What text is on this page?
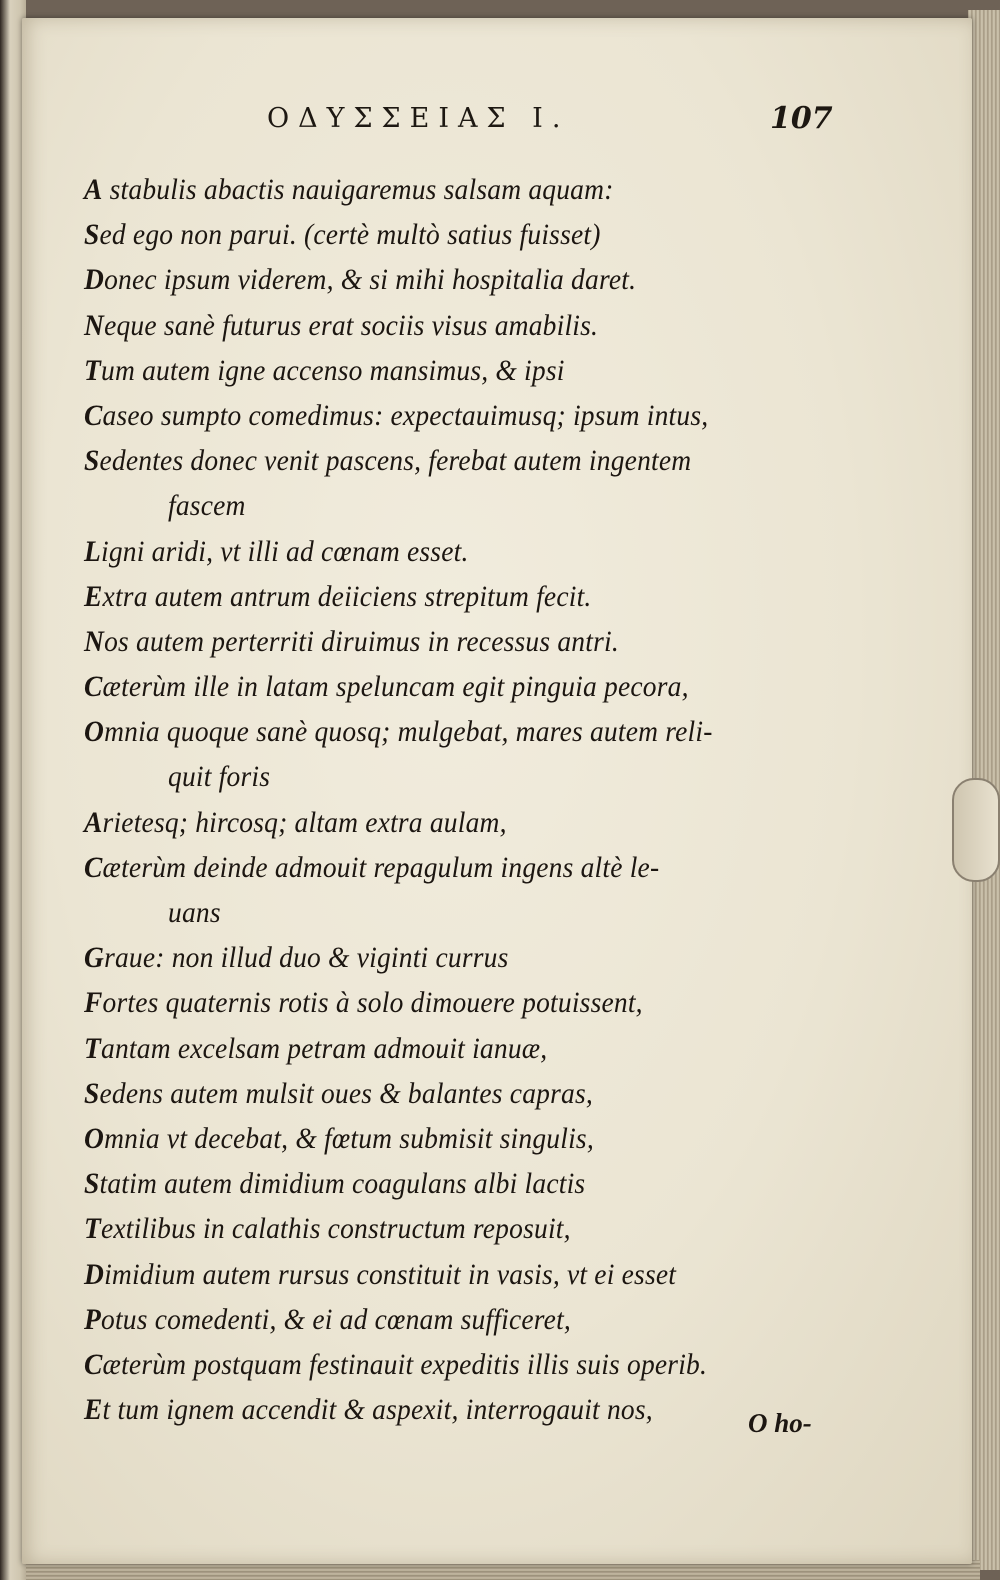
ΟΔΥΣΣΕΙΑΣ Ι.	107
A stabulis abactis nauigaremus salsam aquam:
Sed ego non parui. (certè multò satius fuisset)
Donec ipsum viderem, & si mihi hospitalia daret.
Neque sanè futurus erat sociis visus amabilis.
Tum autem igne accenso mansimus, & ipsi
Caseo sumpto comedimus: expectauimusq; ipsum intus,
Sedentes donec venit pascens, ferebat autem ingentem
fascem
Ligni aridi, vt illi ad cœnam esset.
Extra autem antrum deiiciens strepitum fecit.
Nos autem perterriti diruimus in recessus antri.
Cæterùm ille in latam speluncam egit pinguia pecora,
Omnia quoque sanè quosq; mulgebat, mares autem reli-
quit foris
Arietesq; hircosq; altam extra aulam,
Cæterùm deinde admouit repagulum ingens altè le-
uans
Graue: non illud duo & viginti currus
Fortes quaternis rotis à solo dimouere potuissent,
Tantam excelsam petram admouit ianuæ,
Sedens autem mulsit oues & balantes capras,
Omnia vt decebat, & fœtum submisit singulis,
Statim autem dimidium coagulans albi lactis
Textilibus in calathis constructum reposuit,
Dimidium autem rursus constituit in vasis, vt ei esset
Potus comedenti, & ei ad cœnam sufficeret,
Cæterùm postquam festinauit expeditis illis suis operib.
Et tum ignem accendit & aspexit, interrogauit nos,	O ho-
